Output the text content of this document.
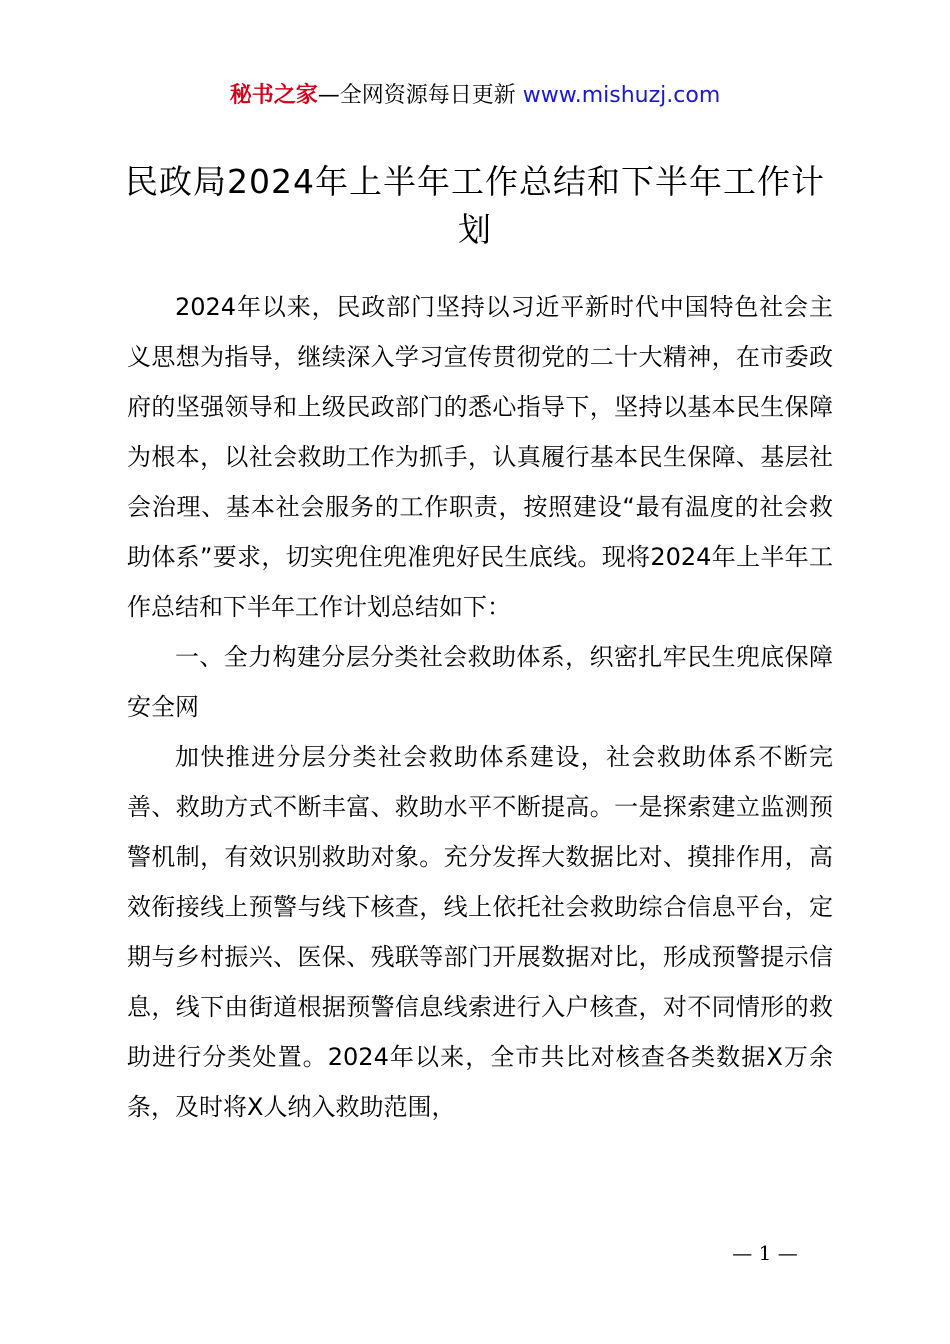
秘书之家—全网资源每日更新 www.mishuzj.com
民政局2024年上半年工作总结和下半年工作计划

2024年以来，民政部门坚持以习近平新时代中国特色社会主义思想为指导，继续深入学习宣传贯彻党的二十大精神，在市委政府的坚强领导和上级民政部门的悉心指导下，坚持以基本民生保障为根本，以社会救助工作为抓手，认真履行基本民生保障、基层社会治理、基本社会服务的工作职责，按照建设“最有温度的社会救助体系”要求，切实兜住兜准兜好民生底线。现将2024年上半年工作总结和下半年工作计划总结如下：

一、全力构建分层分类社会救助体系，织密扎牢民生兜底保障安全网

加快推进分层分类社会救助体系建设，社会救助体系不断完善、救助方式不断丰富、救助水平不断提高。一是探索建立监测预警机制，有效识别救助对象。充分发挥大数据比对、摸排作用，高效衔接线上预警与线下核查，线上依托社会救助综合信息平台，定期与乡村振兴、医保、残联等部门开展数据对比，形成预警提示信息，线下由街道根据预警信息线索进行入户核查，对不同情形的救助进行分类处置。2024年以来，全市共比对核查各类数据X万余条，及时将X人纳入救助范围，

— 1 —
